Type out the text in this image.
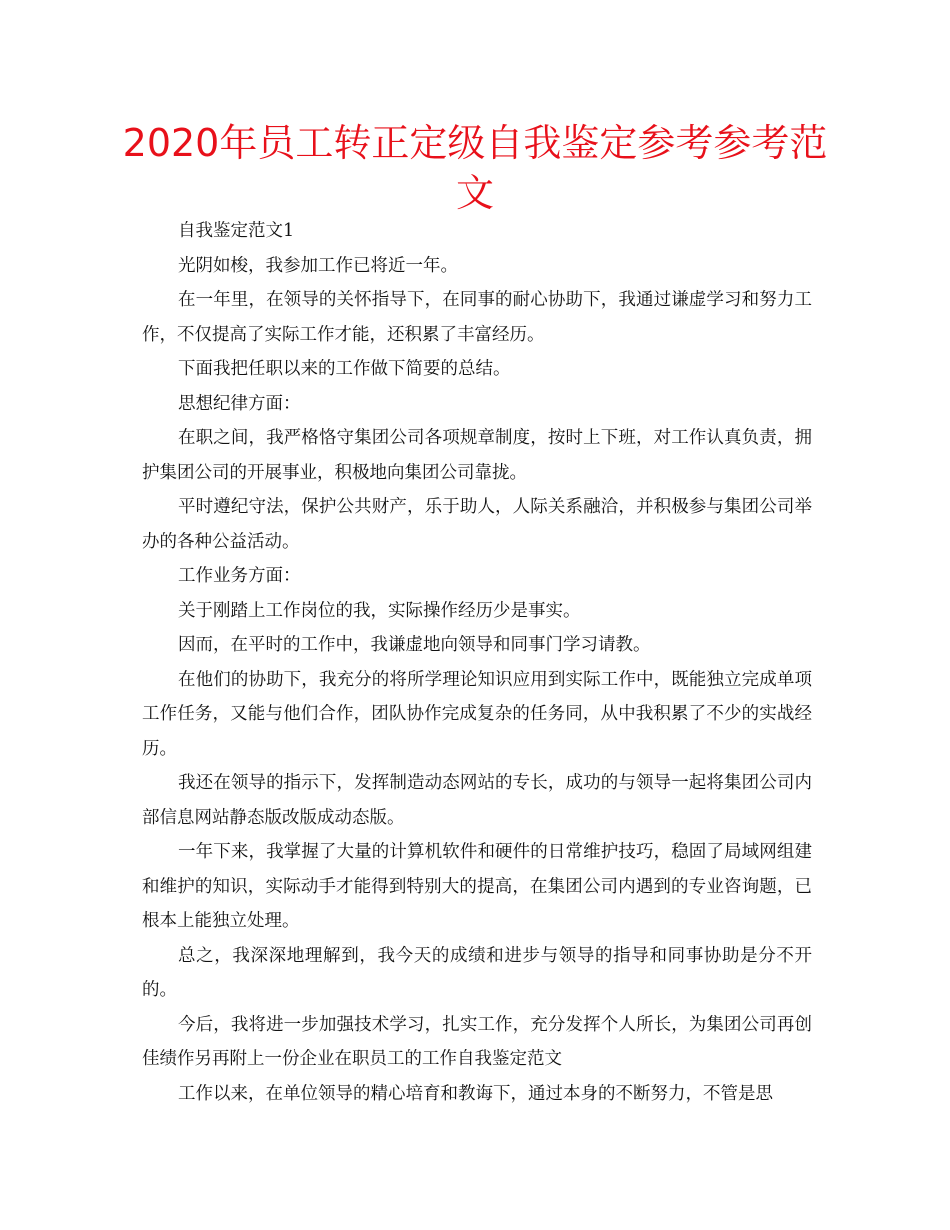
2020年员工转正定级自我鉴定参考参考范文

自我鉴定范文1

光阴如梭，我参加工作已将近一年。

在一年里，在领导的关怀指导下，在同事的耐心协助下，我通过谦虚学习和努力工作，不仅提高了实际工作才能，还积累了丰富经历。

下面我把任职以来的工作做下简要的总结。

思想纪律方面：

在职之间，我严格恪守集团公司各项规章制度，按时上下班，对工作认真负责，拥护集团公司的开展事业，积极地向集团公司靠拢。

平时遵纪守法，保护公共财产，乐于助人，人际关系融洽，并积极参与集团公司举办的各种公益活动。

工作业务方面：

关于刚踏上工作岗位的我，实际操作经历少是事实。

因而，在平时的工作中，我谦虚地向领导和同事门学习请教。

在他们的协助下，我充分的将所学理论知识应用到实际工作中，既能独立完成单项工作任务，又能与他们合作，团队协作完成复杂的任务同，从中我积累了不少的实战经历。

我还在领导的指示下，发挥制造动态网站的专长，成功的与领导一起将集团公司内部信息网站静态版改版成动态版。

一年下来，我掌握了大量的计算机软件和硬件的日常维护技巧，稳固了局域网组建和维护的知识，实际动手才能得到特别大的提高，在集团公司内遇到的专业咨询题，已根本上能独立处理。

总之，我深深地理解到，我今天的成绩和进步与领导的指导和同事协助是分不开的。

今后，我将进一步加强技术学习，扎实工作，充分发挥个人所长，为集团公司再创佳绩作另再附上一份企业在职员工的工作自我鉴定范文

工作以来，在单位领导的精心培育和教诲下，通过本身的不断努力，不管是思
